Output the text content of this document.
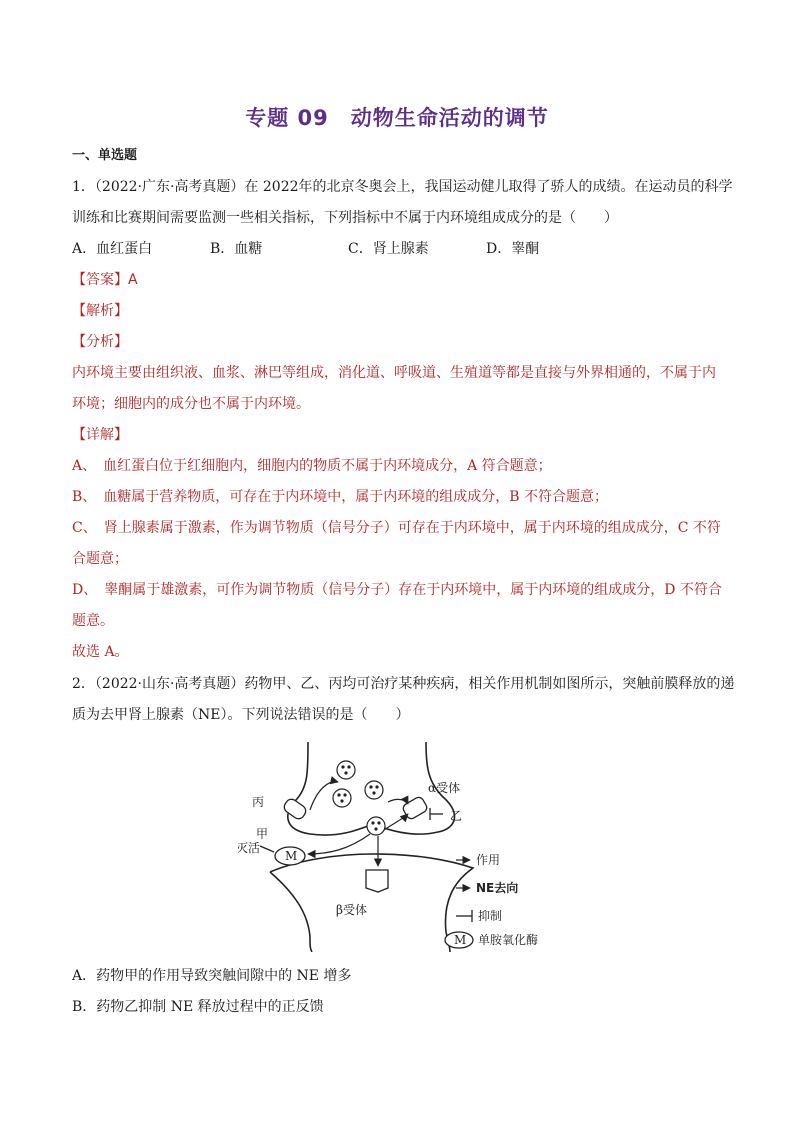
专题 09　动物生命活动的调节
一、单选题
1．（2022·广东·高考真题）在 2022年的北京冬奥会上，我国运动健儿取得了骄人的成绩。在运动员的科学
训练和比赛期间需要监测一些相关指标，下列指标中不属于内环境组成成分的是（　　）
A．血红蛋白	B．血糖	C．肾上腺素	D．睾酮
【答案】A
【解析】
【分析】
内环境主要由组织液、血浆、淋巴等组成，消化道、呼吸道、生殖道等都是直接与外界相通的，不属于内
环境；细胞内的成分也不属于内环境。
【详解】
A、　血红蛋白位于红细胞内，细胞内的物质不属于内环境成分，A 符合题意；
B、　血糖属于营养物质，可存在于内环境中，属于内环境的组成成分，B 不符合题意；
C、　肾上腺素属于激素，作为调节物质（信号分子）可存在于内环境中，属于内环境的组成成分，C 不符
合题意；
D、　睾酮属于雄激素，可作为调节物质（信号分子）存在于内环境中，属于内环境的组成成分，D 不符合
题意。
故选 A。
2．（2022·山东·高考真题）药物甲、乙、丙均可治疗某种疾病，相关作用机制如图所示，突触前膜释放的递
质为去甲肾上腺素（NE）。下列说法错误的是（　　）
M
丙
甲
灭活
α受体
乙
β受体
作用
NE去向
抑制
M 单胺氧化酶
A．药物甲的作用导致突触间隙中的 NE 增多
B．药物乙抑制 NE 释放过程中的正反馈
